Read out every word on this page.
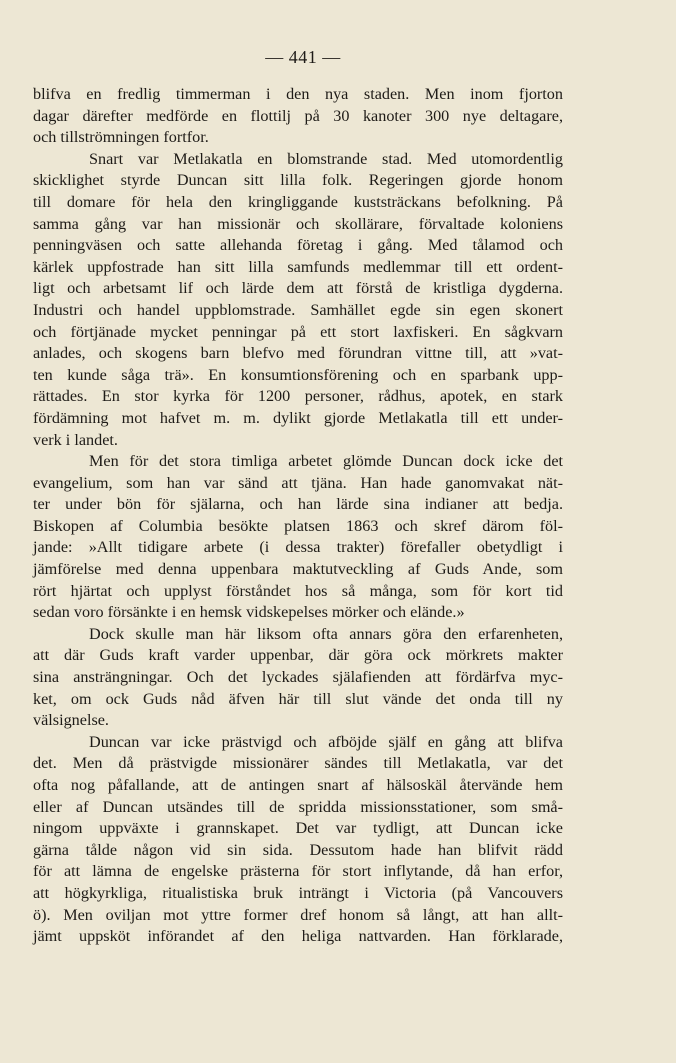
— 441 —
blifva en fredlig timmerman i den nya staden. Men inom fjorton
dagar därefter medförde en flottilj på 30 kanoter 300 nye deltagare,
och tillströmningen fortfor.
Snart var Metlakatla en blomstrande stad. Med utomordentlig
skicklighet styrde Duncan sitt lilla folk. Regeringen gjorde honom
till domare för hela den kringliggande kuststräckans befolkning. På
samma gång var han missionär och skollärare, förvaltade koloniens
penningväsen och satte allehanda företag i gång. Med tålamod och
kärlek uppfostrade han sitt lilla samfunds medlemmar till ett ordent-
ligt och arbetsamt lif och lärde dem att förstå de kristliga dygderna.
Industri och handel uppblomstrade. Samhället egde sin egen skonert
och förtjänade mycket penningar på ett stort laxfiskeri. En sågkvarn
anlades, och skogens barn blefvo med förundran vittne till, att »vat-
ten kunde såga trä». En konsumtionsförening och en sparbank upp-
rättades. En stor kyrka för 1200 personer, rådhus, apotek, en stark
fördämning mot hafvet m. m. dylikt gjorde Metlakatla till ett under-
verk i landet.
Men för det stora timliga arbetet glömde Duncan dock icke det
evangelium, som han var sänd att tjäna. Han hade ganomvakat nät-
ter under bön för själarna, och han lärde sina indianer att bedja.
Biskopen af Columbia besökte platsen 1863 och skref därom föl-
jande: »Allt tidigare arbete (i dessa trakter) förefaller obetydligt i
jämförelse med denna uppenbara maktutveckling af Guds Ande, som
rört hjärtat och upplyst förståndet hos så många, som för kort tid
sedan voro försänkte i en hemsk vidskepelses mörker och elände.»
Dock skulle man här liksom ofta annars göra den erfarenheten,
att där Guds kraft varder uppenbar, där göra ock mörkrets makter
sina ansträngningar. Och det lyckades själafienden att fördärfva myc-
ket, om ock Guds nåd äfven här till slut vände det onda till ny
välsignelse.
Duncan var icke prästvigd och afböjde själf en gång att blifva
det. Men då prästvigde missionärer sändes till Metlakatla, var det
ofta nog påfallande, att de antingen snart af hälsoskäl återvände hem
eller af Duncan utsändes till de spridda missionsstationer, som små-
ningom uppväxte i grannskapet. Det var tydligt, att Duncan icke
gärna tålde någon vid sin sida. Dessutom hade han blifvit rädd
för att lämna de engelske prästerna för stort inflytande, då han erfor,
att högkyrkliga, ritualistiska bruk inträngt i Victoria (på Vancouvers
ö). Men oviljan mot yttre former dref honom så långt, att han allt-
jämt uppsköt införandet af den heliga nattvarden. Han förklarade,
